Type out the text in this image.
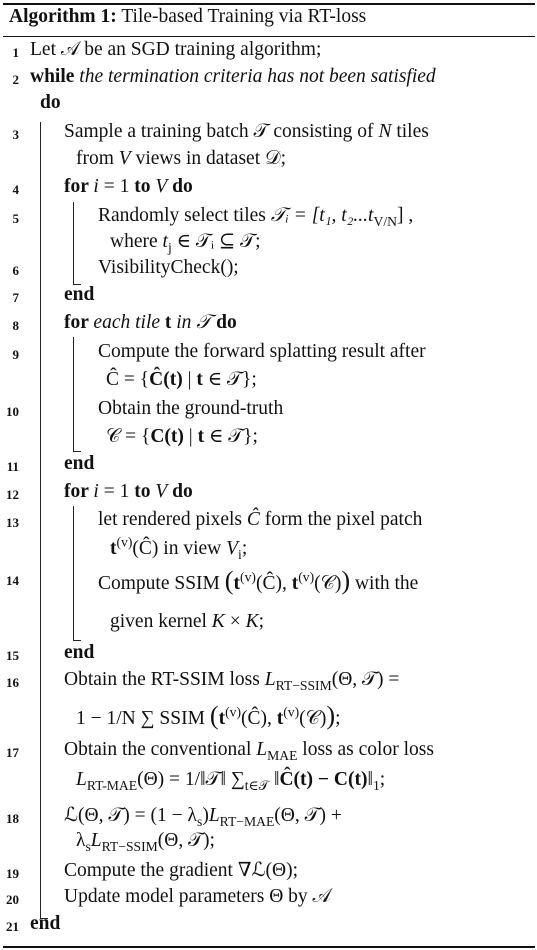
Algorithm 1: Tile-based Training via RT-loss
1 Let 𝒜 be an SGD training algorithm;
2 while the termination criteria has not been satisfied
do
3 Sample a training batch 𝒯 consisting of N tiles
from V views in dataset 𝒟;
4 for i = 1 to V do
5	Randomly select tiles 𝒯ᵢ = [t₁, $t_2...t_{V/N}$] ,
where $t_j$ ∈ 𝒯ᵢ ⊆ 𝒯;
6	VisibilityCheck();
7 end
8 for each tile t in 𝒯 do
9	Compute the forward splatting result after
Ĉ = {Ĉ(t) | t ∈ 𝒯};
10	Obtain the ground-truth
𝒞 = {C(t) | t ∈ 𝒯};
11 end
12 for i = 1 to V do
13	let rendered pixels Ĉ form the pixel patch
$t^{(v)}(Ĉ)$ in view $V_i$;
14	Compute SSIM ($t^{(v)}(Ĉ)$, $t^{(v)}(𝒞)$) with the
given kernel K × K;
15 end
16 Obtain the RT-SSIM loss $L_{RT-SSIM}(\Theta$, 𝒯) =
1 − 1/N ∑ SSIM ($t^{(v)}(Ĉ)$, $t^{(v)}(𝒞)$);
17 Obtain the conventional $L_{MAE}$ loss as color loss
$L_{RT-MAE}(\Theta)$ = 1/‖𝒯‖ $\sum_{t\in 𝒯}$ ‖Ĉ(t) − $C(t)‖_1$;
18 ℒ(Θ, 𝒯) = $(1 - \lambda_s)L_{RT-MAE}(\Theta$, 𝒯) +
$\lambda_sL_{RT-SSIM}(\Theta$, 𝒯);
19 Compute the gradient ∇ℒ(Θ);
20 Update model parameters Θ by 𝒜
21 end
